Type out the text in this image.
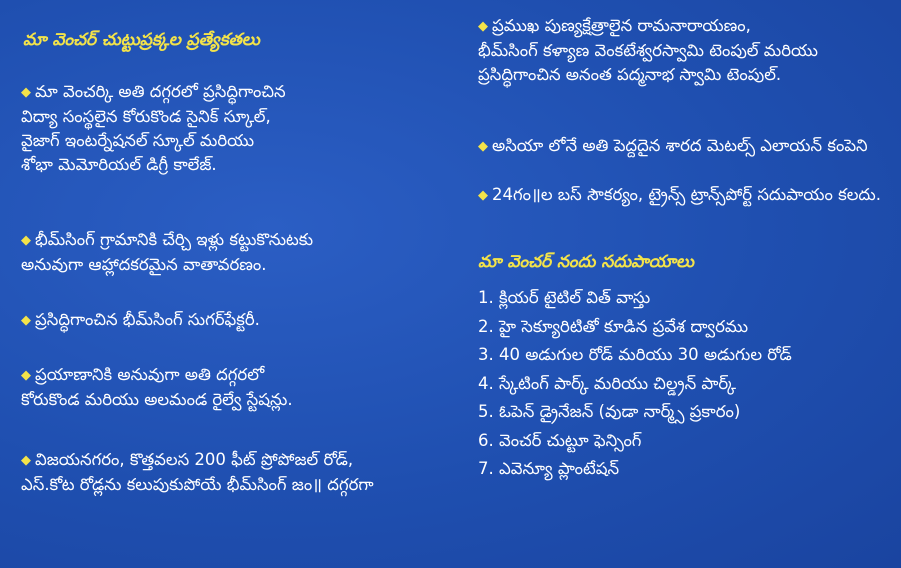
మా వెంచర్ చుట్టుప్రక్కల ప్రత్యేకతలు
◆ మా వెంచర్కి అతి దగ్గరలో ప్రసిద్ధిగాంచిన
విద్యా సంస్థలైన కోరుకొండ సైనిక్ స్కూల్,
వైజాగ్ ఇంటర్నేషనల్ స్కూల్ మరియు
శోభా మెమోరియల్ డిగ్రీ కాలేజ్.
◆ భీమ్‌సింగ్ గ్రామానికి చేర్చి ఇళ్లు కట్టుకొనుటకు
అనువుగా ఆహ్లాదకరమైన వాతావరణం.
◆ ప్రసిద్ధిగాంచిన భీమ్‌సింగ్ సుగర్‌ఫేక్టరీ.
◆ ప్రయాణానికి అనువుగా అతి దగ్గరలో
కోరుకొండ మరియు అలమండ రైల్వే స్టేషన్లు.
◆ విజయనగరం, కొత్తవలస 200 ఫీట్ ప్రోపోజల్ రోడ్,
ఎస్.కోట రోడ్లను కలుపుకుపోయే భీమ్‌సింగ్ జం॥ దగ్గరగా
◆ ప్రముఖ పుణ్యక్షేత్రాలైన రామనారాయణం,
భీమ్‌సింగ్ కళ్యాణ వెంకటేశ్వరస్వామి టెంపుల్ మరియు
ప్రసిద్ధిగాంచిన అనంత పద్మనాభ స్వామి టెంపుల్.
◆ అసియా లోనే అతి పెద్దదైన శారద మెటల్స్ ఎలాయన్ కంపెని
◆ 24గం॥ల బస్ సౌకర్యం, ట్రైన్స్ ట్రాన్స్‌పోర్ట్ సదుపాయం కలదు.
మా వెంచర్ నందు సదుపాయాలు
1. క్లియర్ టైటిల్ విత్ వాస్తు
2. హై సెక్యూరిటితో కూడిన ప్రవేశ ద్వారము
3. 40 అడుగుల రోడ్ మరియు 30 అడుగుల రోడ్
4. స్కేటింగ్ పార్క్ మరియు చిల్డ్రన్ పార్క్
5. ఓపెన్ డ్రైనేజన్ (వుడా నార్మ్స్ ప్రకారం)
6. వెంచర్ చుట్టూ ఫెన్సింగ్
7. ఎవెన్యూ ప్లాంటేషన్
